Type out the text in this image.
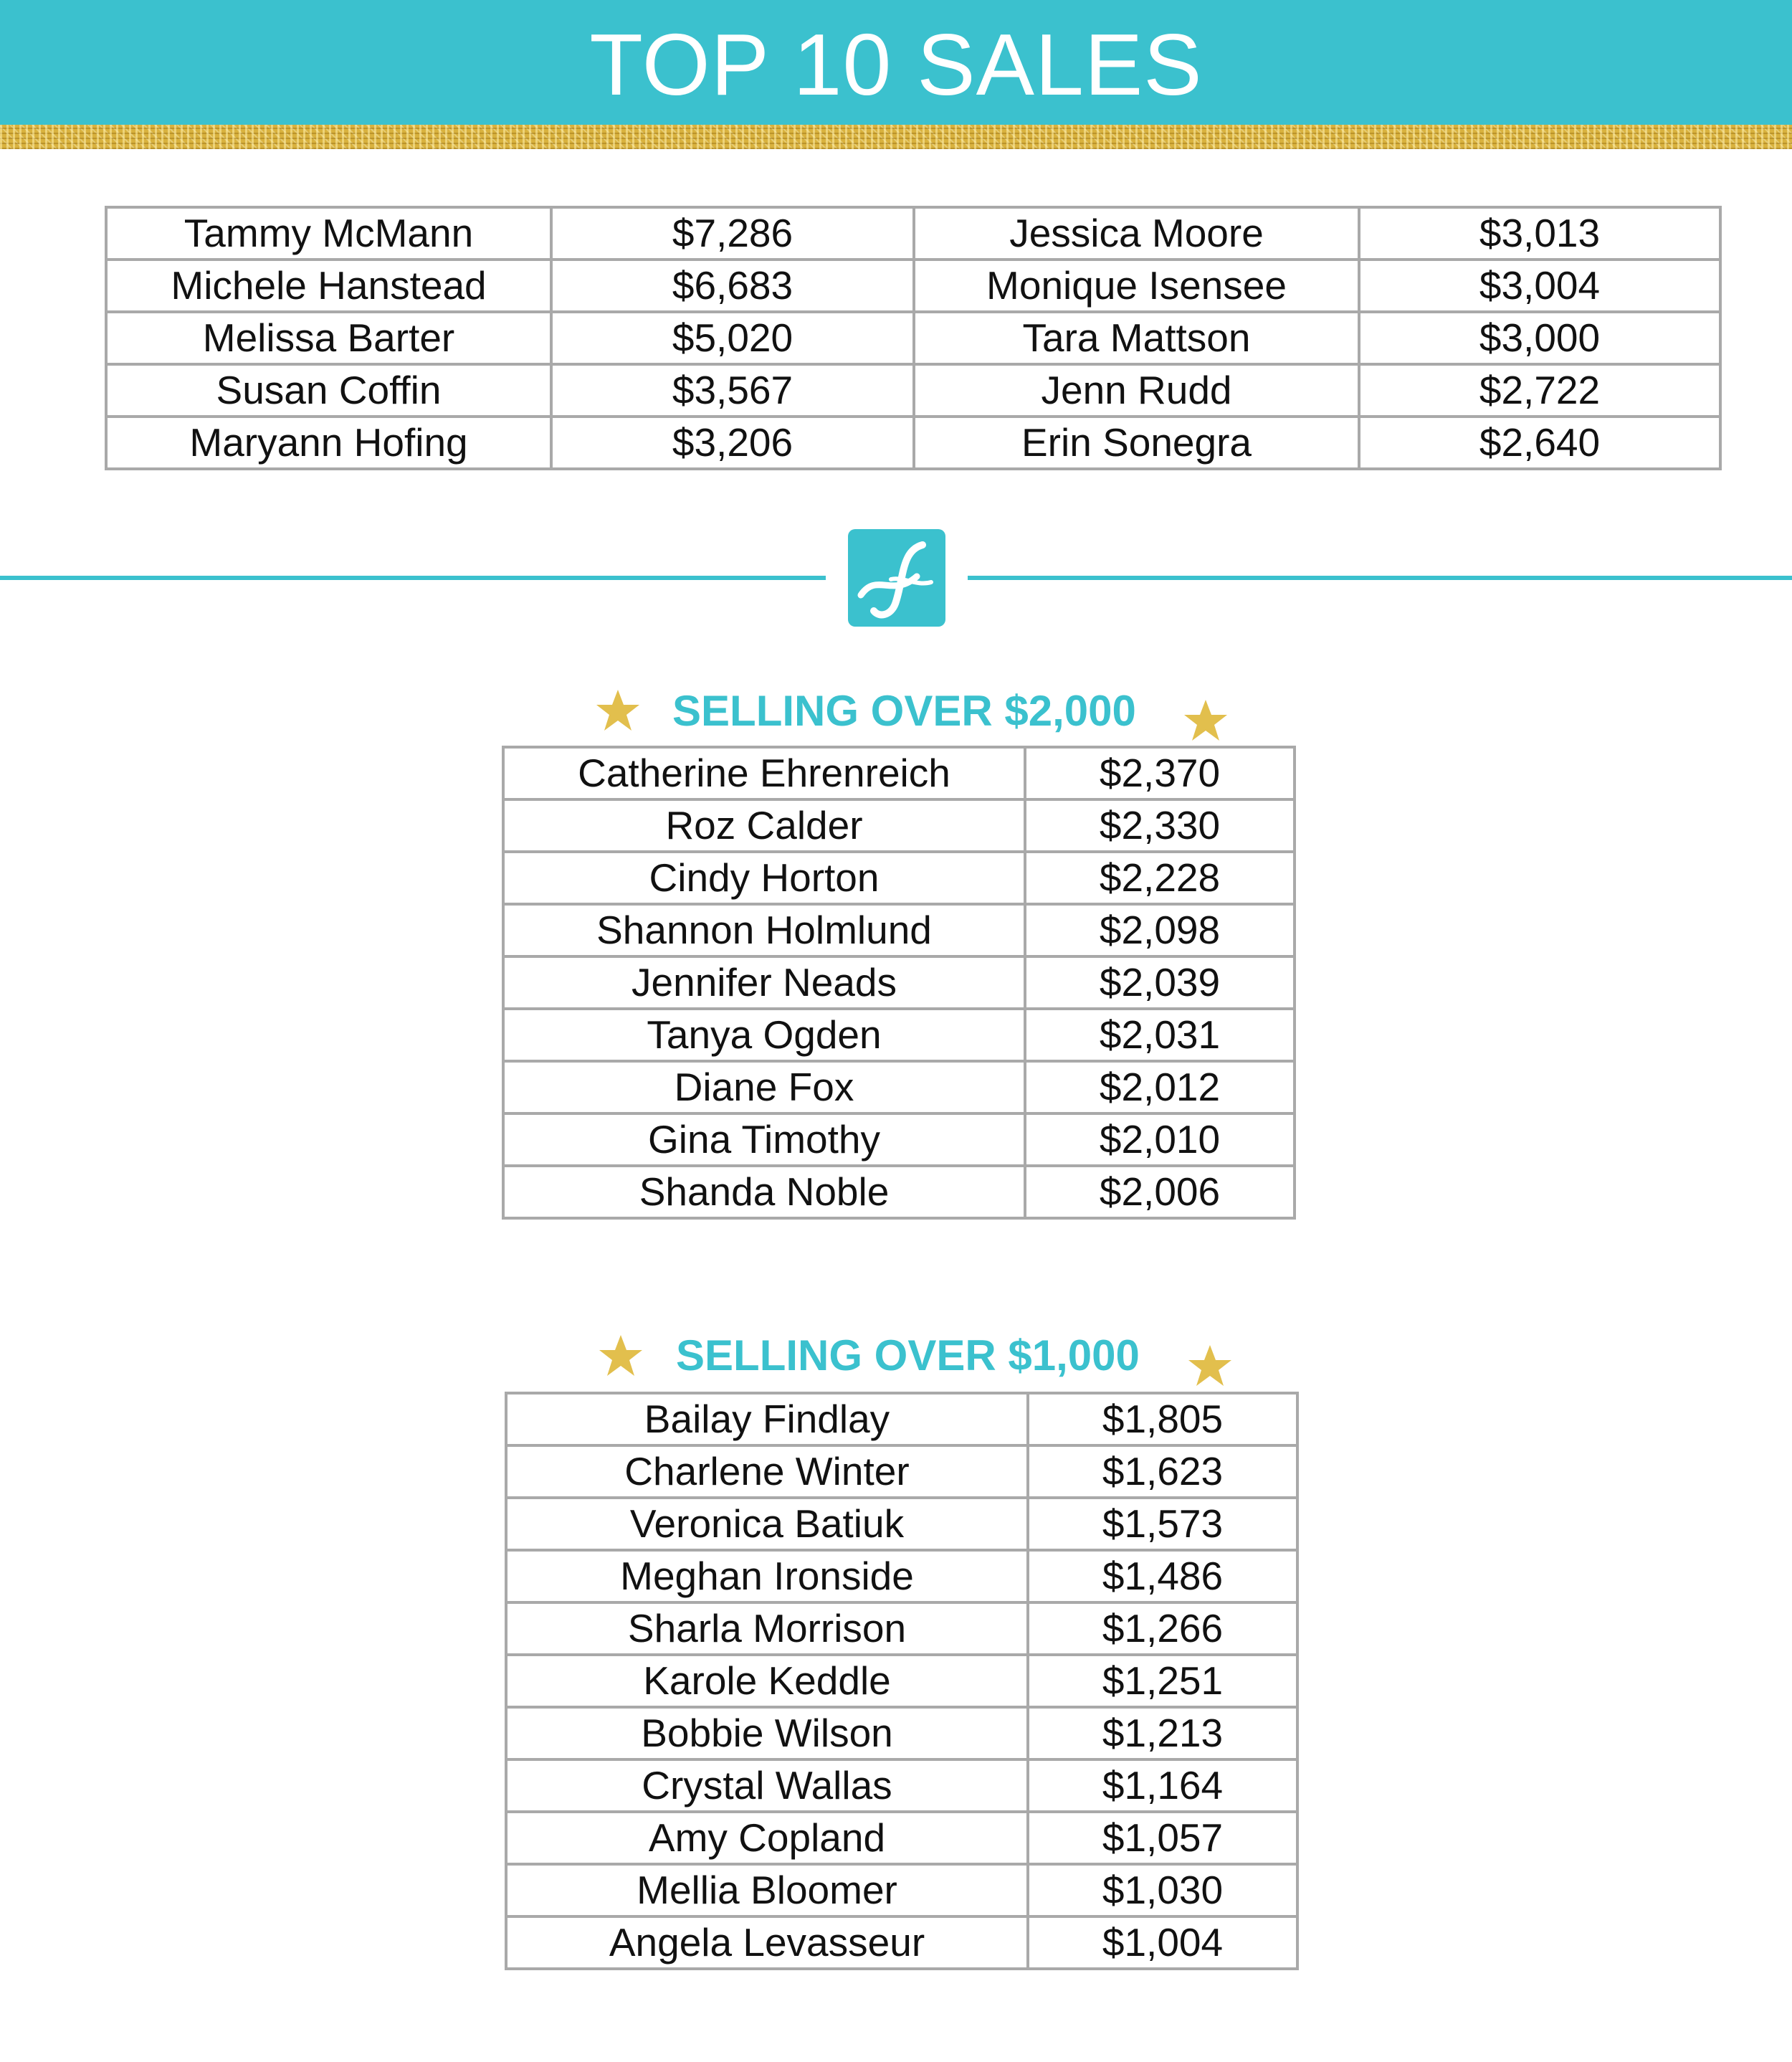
TOP 10 SALES
Tammy McMann	$7,286	Jessica Moore	$3,013
Michele Hanstead	$6,683	Monique Isensee	$3,004
Melissa Barter	$5,020	Tara Mattson	$3,000
Susan Coffin	$3,567	Jenn Rudd	$2,722
Maryann Hofing	$3,206	Erin Sonegra	$2,640
SELLING OVER $2,000
Catherine Ehrenreich	$2,370
Roz Calder	$2,330
Cindy Horton	$2,228
Shannon Holmlund	$2,098
Jennifer Neads	$2,039
Tanya Ogden	$2,031
Diane Fox	$2,012
Gina Timothy	$2,010
Shanda Noble	$2,006
SELLING OVER $1,000
Bailay Findlay	$1,805
Charlene Winter	$1,623
Veronica Batiuk	$1,573
Meghan Ironside	$1,486
Sharla Morrison	$1,266
Karole Keddle	$1,251
Bobbie Wilson	$1,213
Crystal Wallas	$1,164
Amy Copland	$1,057
Mellia Bloomer	$1,030
Angela Levasseur	$1,004
